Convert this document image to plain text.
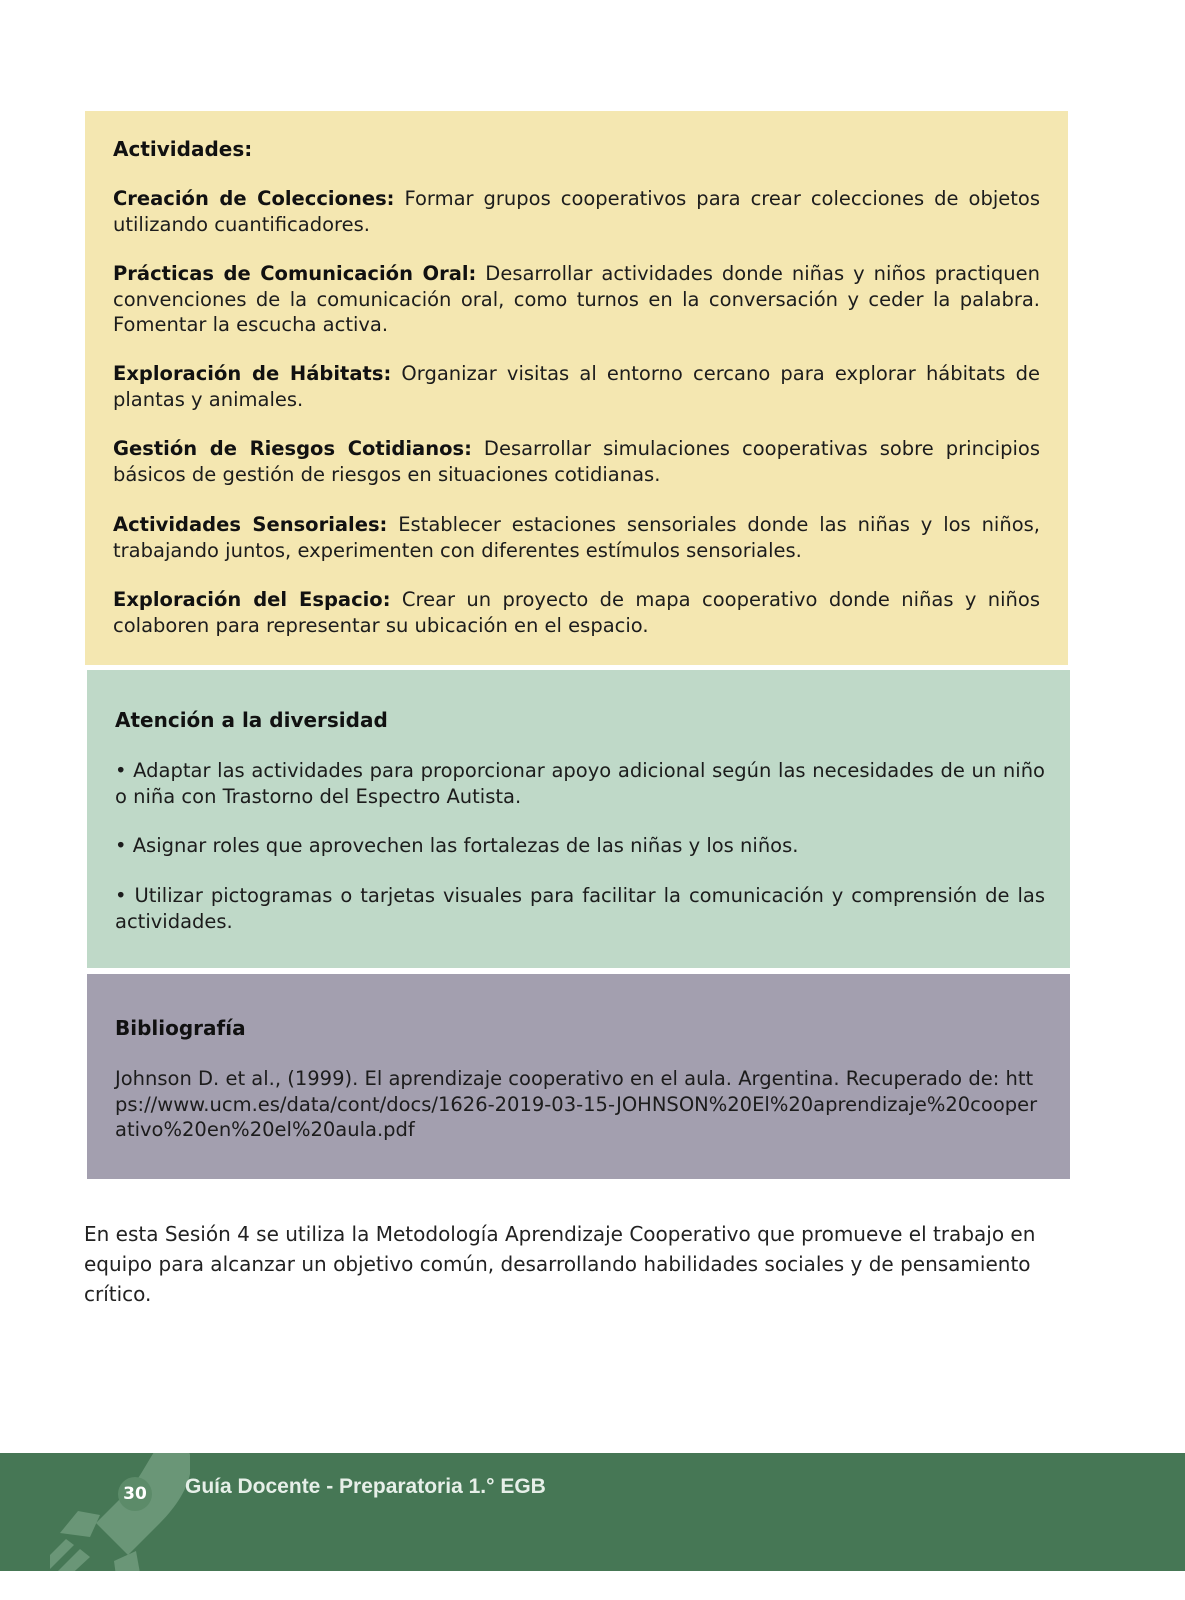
Actividades:

Creación de Colecciones: Formar grupos cooperativos para crear colecciones de objetos utilizando cuantificadores.

Prácticas de Comunicación Oral: Desarrollar actividades donde niñas y niños practiquen convenciones de la comunicación oral, como turnos en la conversación y ceder la palabra. Fomentar la escucha activa.

Exploración de Hábitats: Organizar visitas al entorno cercano para explorar hábitats de plantas y animales.

Gestión de Riesgos Cotidianos: Desarrollar simulaciones cooperativas sobre principios básicos de gestión de riesgos en situaciones cotidianas.

Actividades Sensoriales: Establecer estaciones sensoriales donde las niñas y los niños, trabajando juntos, experimenten con diferentes estímulos sensoriales.

Exploración del Espacio: Crear un proyecto de mapa cooperativo donde niñas y niños colaboren para representar su ubicación en el espacio.

Atención a la diversidad

• Adaptar las actividades para proporcionar apoyo adicional según las necesidades de un niño o niña con Trastorno del Espectro Autista.

• Asignar roles que aprovechen las fortalezas de las niñas y los niños.

• Utilizar pictogramas o tarjetas visuales para facilitar la comunicación y comprensión de las actividades.

Bibliografía

Johnson D. et al., (1999). El aprendizaje cooperativo en el aula. Argentina. Recuperado de: https://www.ucm.es/data/cont/docs/1626-2019-03-15-JOHNSON%20El%20aprendizaje%20cooperativo%20en%20el%20aula.pdf

En esta Sesión 4 se utiliza la Metodología Aprendizaje Cooperativo que promueve el trabajo en equipo para alcanzar un objetivo común, desarrollando habilidades sociales y de pensamiento crítico.

30 Guía Docente - Preparatoria 1.° EGB
